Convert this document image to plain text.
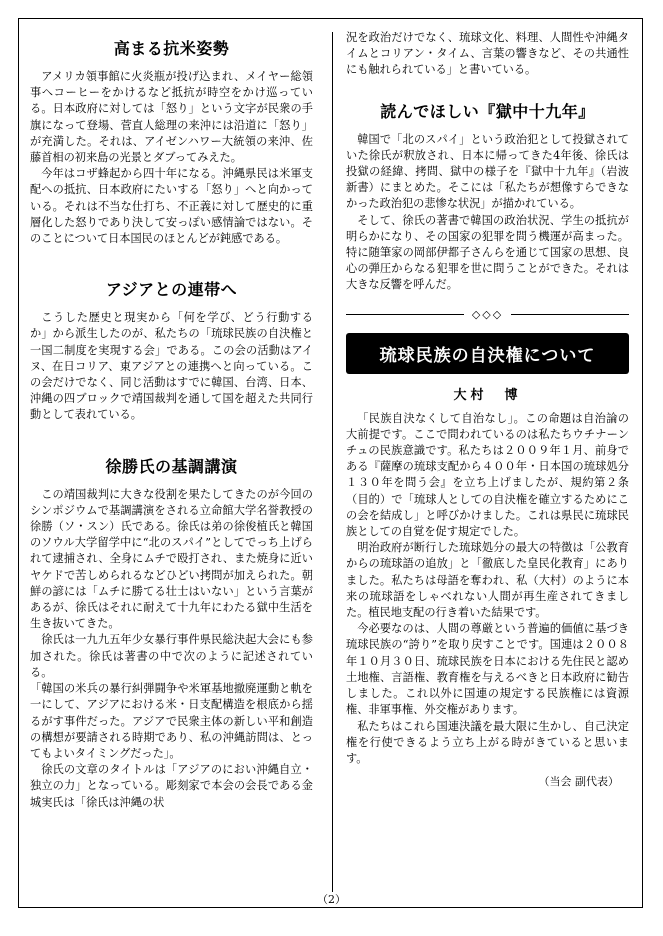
高まる抗米姿勢

アメリカ領事館に火炎瓶が投げ込まれ、メイヤー総領事へコーヒーをかけるなど抵抗が時空をかけ巡っている。日本政府に対しては「怒り」という文字が民衆の手旗になって登場、菅直人総理の来沖には沿道に「怒り」が充満した。それは、アイゼンハワー大統領の来沖、佐藤首相の初来島の光景とダブってみえた。

今年はコザ蜂起から四十年になる。沖縄県民は米軍支配への抵抗、日本政府にたいする「怒り」へと向かっている。それは不当な仕打ち、不正義に対して歴史的に重層化した怒りであり決して安っぽい感情論ではない。そのことについて日本国民のほとんどが鈍感である。

アジアとの連帯へ

こうした歴史と現実から「何を学び、どう行動するか」から派生したのが、私たちの「琉球民族の自決権と一国二制度を実現する会」である。この会の活動はアイヌ、在日コリア、東アジアとの連携へと向っている。この会だけでなく、同じ活動はすでに韓国、台湾、日本、沖縄の四ブロックで靖国裁判を通して国を超えた共同行動として表れている。

徐勝氏の基調講演

この靖国裁判に大きな役割を果たしてきたのが今回のシンポジウムで基調講演をされる立命館大学名誉教授の徐勝（ソ・スン）氏である。徐氏は弟の徐俊植氏と韓国のソウル大学留学中に“北のスパイ”としてでっち上げられて逮捕され、全身にムチで殴打され、また焼身に近いヤケドで苦しめられるなどひどい拷問が加えられた。朝鮮の諺には「ムチに勝てる壮士はいない」という言葉があるが、徐氏はそれに耐えて十九年にわたる獄中生活を生き抜いてきた。

徐氏は一九九五年少女暴行事件県民総決起大会にも参加された。徐氏は著書の中で次のように記述されている。

「韓国の米兵の暴行糾弾闘争や米軍基地撤廃運動と軌を一にして、アジアにおける米・日支配構造を根底から揺るがす事件だった。アジアで民衆主体の新しい平和創造の構想が要請される時期であり、私の沖縄訪問は、とってもよいタイミングだった」。

徐氏の文章のタイトルは「アジアのにおい沖縄自立・独立の力」となっている。彫刻家で本会の会長である金城実氏は「徐氏は沖縄の状

況を政治だけでなく、琉球文化、料理、人間性や沖縄タイムとコリアン・タイム、言葉の響きなど、その共通性にも触れられている」と書いている。

読んでほしい『獄中十九年』

韓国で「北のスパイ」という政治犯として投獄されていた徐氏が釈放され、日本に帰ってきた4年後、徐氏は投獄の経緯、拷問、獄中の様子を『獄中十九年』（岩波新書）にまとめた。そこには「私たちが想像すらできなかった政治犯の悲惨な状況」が描かれている。

そして、徐氏の著書で韓国の政治状況、学生の抵抗が明らかになり、その国家の犯罪を問う機運が高まった。特に随筆家の岡部伊都子さんらを通じて国家の思想、良心の弾圧からなる犯罪を世に問うことができた。それは大きな反響を呼んだ。

◇◇◇
琉球民族の自決権について
大村　博

「民族自決なくして自治なし」。この命題は自治論の大前提です。ここで問われているのは私たちウチナーンチュの民族意識です。私たちは２００９年１月、前身である『薩摩の琉球支配から４００年・日本国の琉球処分１３０年を問う会』を立ち上げましたが、規約第２条（目的）で「琉球人としての自決権を確立するためにこの会を結成し」と呼びかけました。これは県民に琉球民族としての自覚を促す規定でした。

明治政府が断行した琉球処分の最大の特徴は「公教育からの琉球語の追放」と「徹底した皇民化教育」にありました。私たちは母語を奪われ、私（大村）のように本来の琉球語をしゃべれない人間が再生産されてきました。植民地支配の行き着いた結果です。

今必要なのは、人間の尊厳という普遍的価値に基づき琉球民族の“誇り”を取り戻すことです。国連は２００８年１０月３０日、琉球民族を日本における先住民と認め土地権、言語権、教育権を与えるべきと日本政府に勧告しました。これ以外に国連の規定する民族権には資源権、非軍事権、外交権があります。

私たちはこれら国連決議を最大限に生かし、自己決定権を行使できるよう立ち上がる時がきていると思います。

（当会 副代表）
（2）
